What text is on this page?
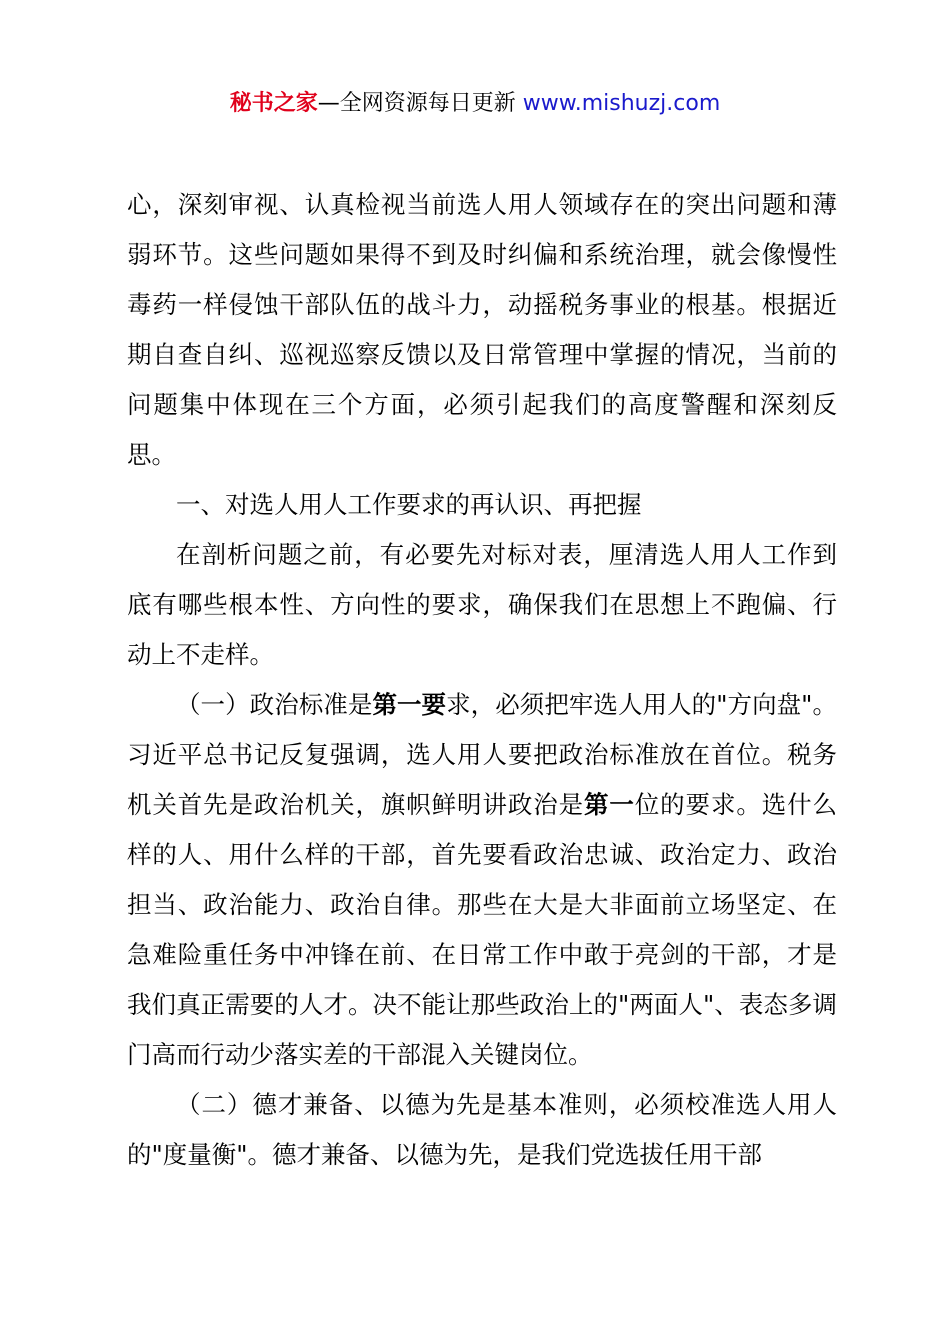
秘书之家—全网资源每日更新 www.mishuzj.com

心，深刻审视、认真检视当前选人用人领域存在的突出问题和薄弱环节。这些问题如果得不到及时纠偏和系统治理，就会像慢性毒药一样侵蚀干部队伍的战斗力，动摇税务事业的根基。根据近期自查自纠、巡视巡察反馈以及日常管理中掌握的情况，当前的问题集中体现在三个方面，必须引起我们的高度警醒和深刻反思。

一、对选人用人工作要求的再认识、再把握

在剖析问题之前，有必要先对标对表，厘清选人用人工作到底有哪些根本性、方向性的要求，确保我们在思想上不跑偏、行动上不走样。

（一）政治标准是第一要求，必须把牢选人用人的"方向盘"。习近平总书记反复强调，选人用人要把政治标准放在首位。税务机关首先是政治机关，旗帜鲜明讲政治是第一位的要求。选什么样的人、用什么样的干部，首先要看政治忠诚、政治定力、政治担当、政治能力、政治自律。那些在大是大非面前立场坚定、在急难险重任务中冲锋在前、在日常工作中敢于亮剑的干部，才是我们真正需要的人才。决不能让那些政治上的"两面人"、表态多调门高而行动少落实差的干部混入关键岗位。

（二）德才兼备、以德为先是基本准则，必须校准选人用人的"度量衡"。德才兼备、以德为先，是我们党选拔任用干部
